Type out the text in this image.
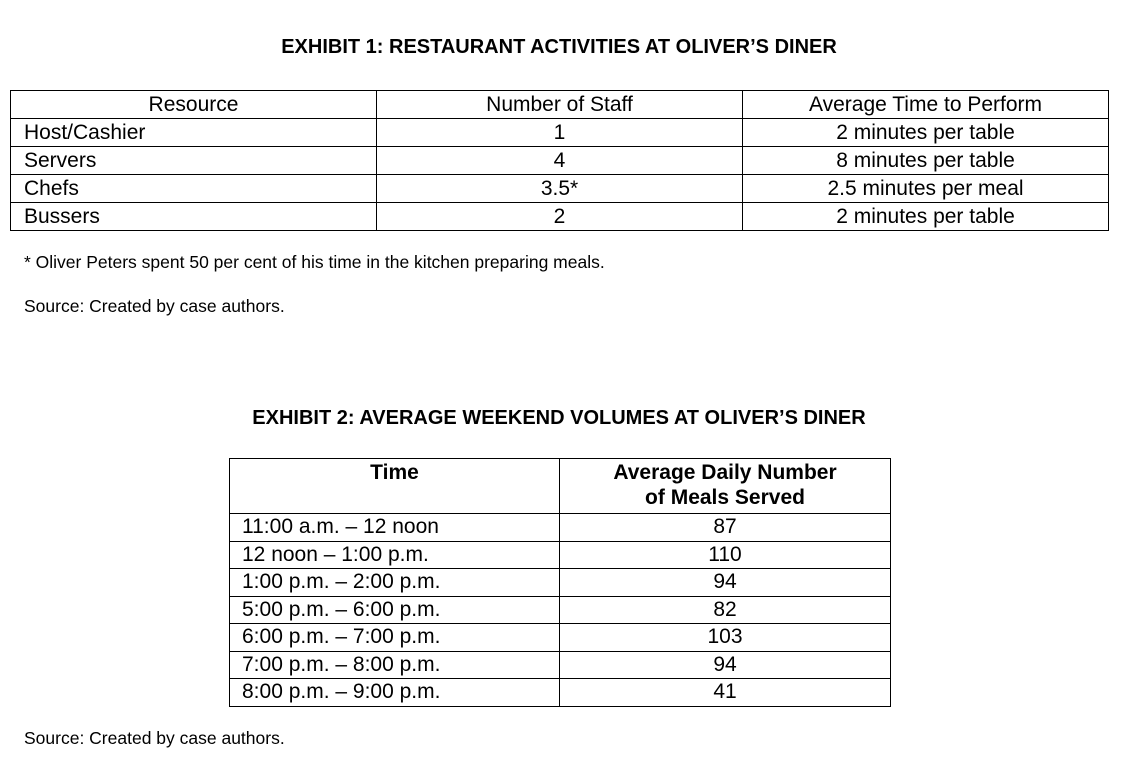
EXHIBIT 1: RESTAURANT ACTIVITIES AT OLIVER’S DINER
Resource	Number of Staff	Average Time to Perform
Host/Cashier	1	2 minutes per table
Servers	4	8 minutes per table
Chefs	3.5*	2.5 minutes per meal
Bussers	2	2 minutes per table

* Oliver Peters spent 50 per cent of his time in the kitchen preparing meals.

Source: Created by case authors.

EXHIBIT 2: AVERAGE WEEKEND VOLUMES AT OLIVER’S DINER
Time	Average Daily Number
of Meals Served
11:00 a.m. – 12 noon	87
12 noon – 1:00 p.m.	110
1:00 p.m. – 2:00 p.m.	94
5:00 p.m. – 6:00 p.m.	82
6:00 p.m. – 7:00 p.m.	103
7:00 p.m. – 8:00 p.m.	94
8:00 p.m. – 9:00 p.m.	41

Source: Created by case authors.
